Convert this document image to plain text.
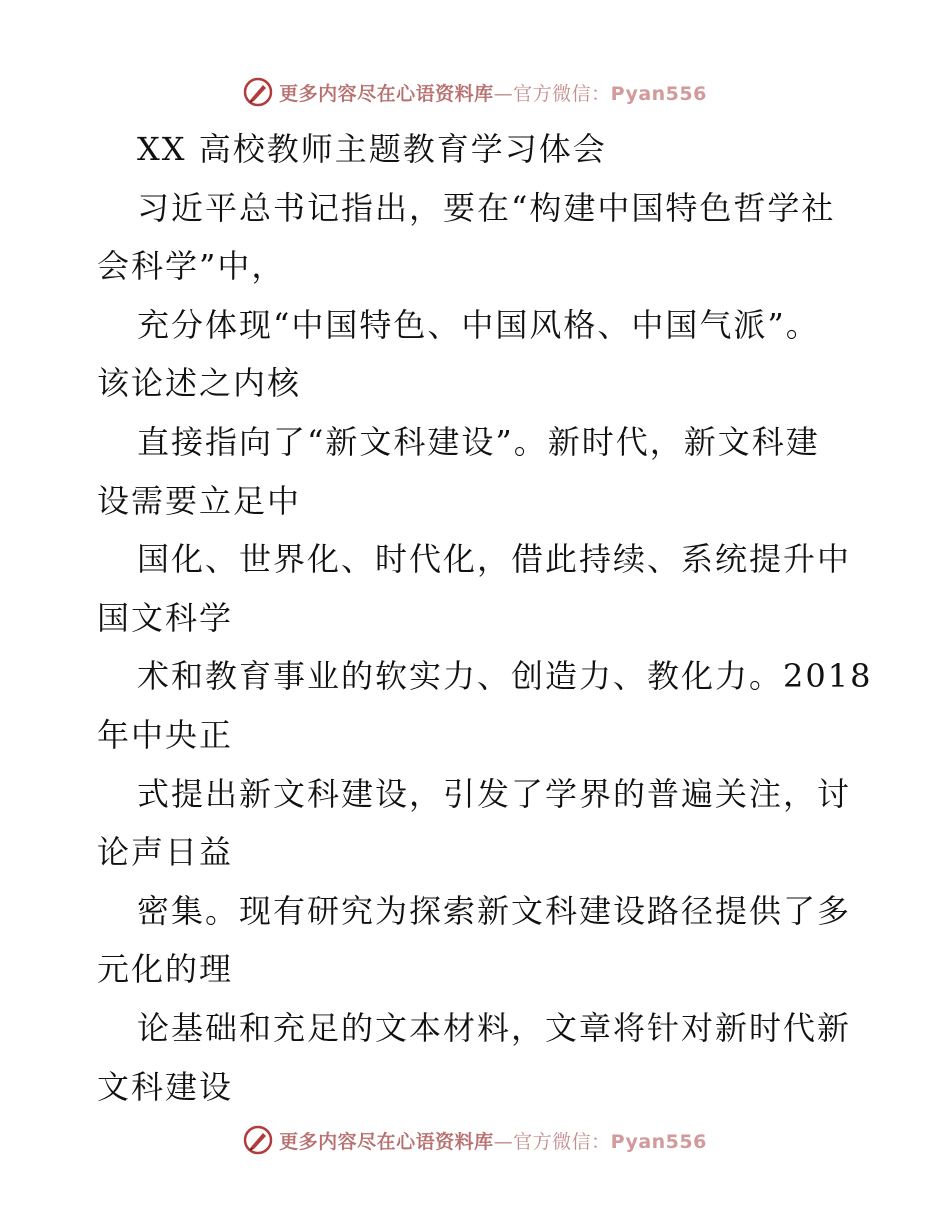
更多内容尽在心语资料库—官方微信：Pyan556
XX 高校教师主题教育学习体会
习近平总书记指出，要在“构建中国特色哲学社
会科学”中，
充分体现“中国特色、中国风格、中国气派”。
该论述之内核
直接指向了“新文科建设”。新时代，新文科建
设需要立足中
国化、世界化、时代化，借此持续、系统提升中
国文科学
术和教育事业的软实力、创造力、教化力。2018
年中央正
式提出新文科建设，引发了学界的普遍关注，讨
论声日益
密集。现有研究为探索新文科建设路径提供了多
元化的理
论基础和充足的文本材料，文章将针对新时代新
文科建设
更多内容尽在心语资料库—官方微信：Pyan556
